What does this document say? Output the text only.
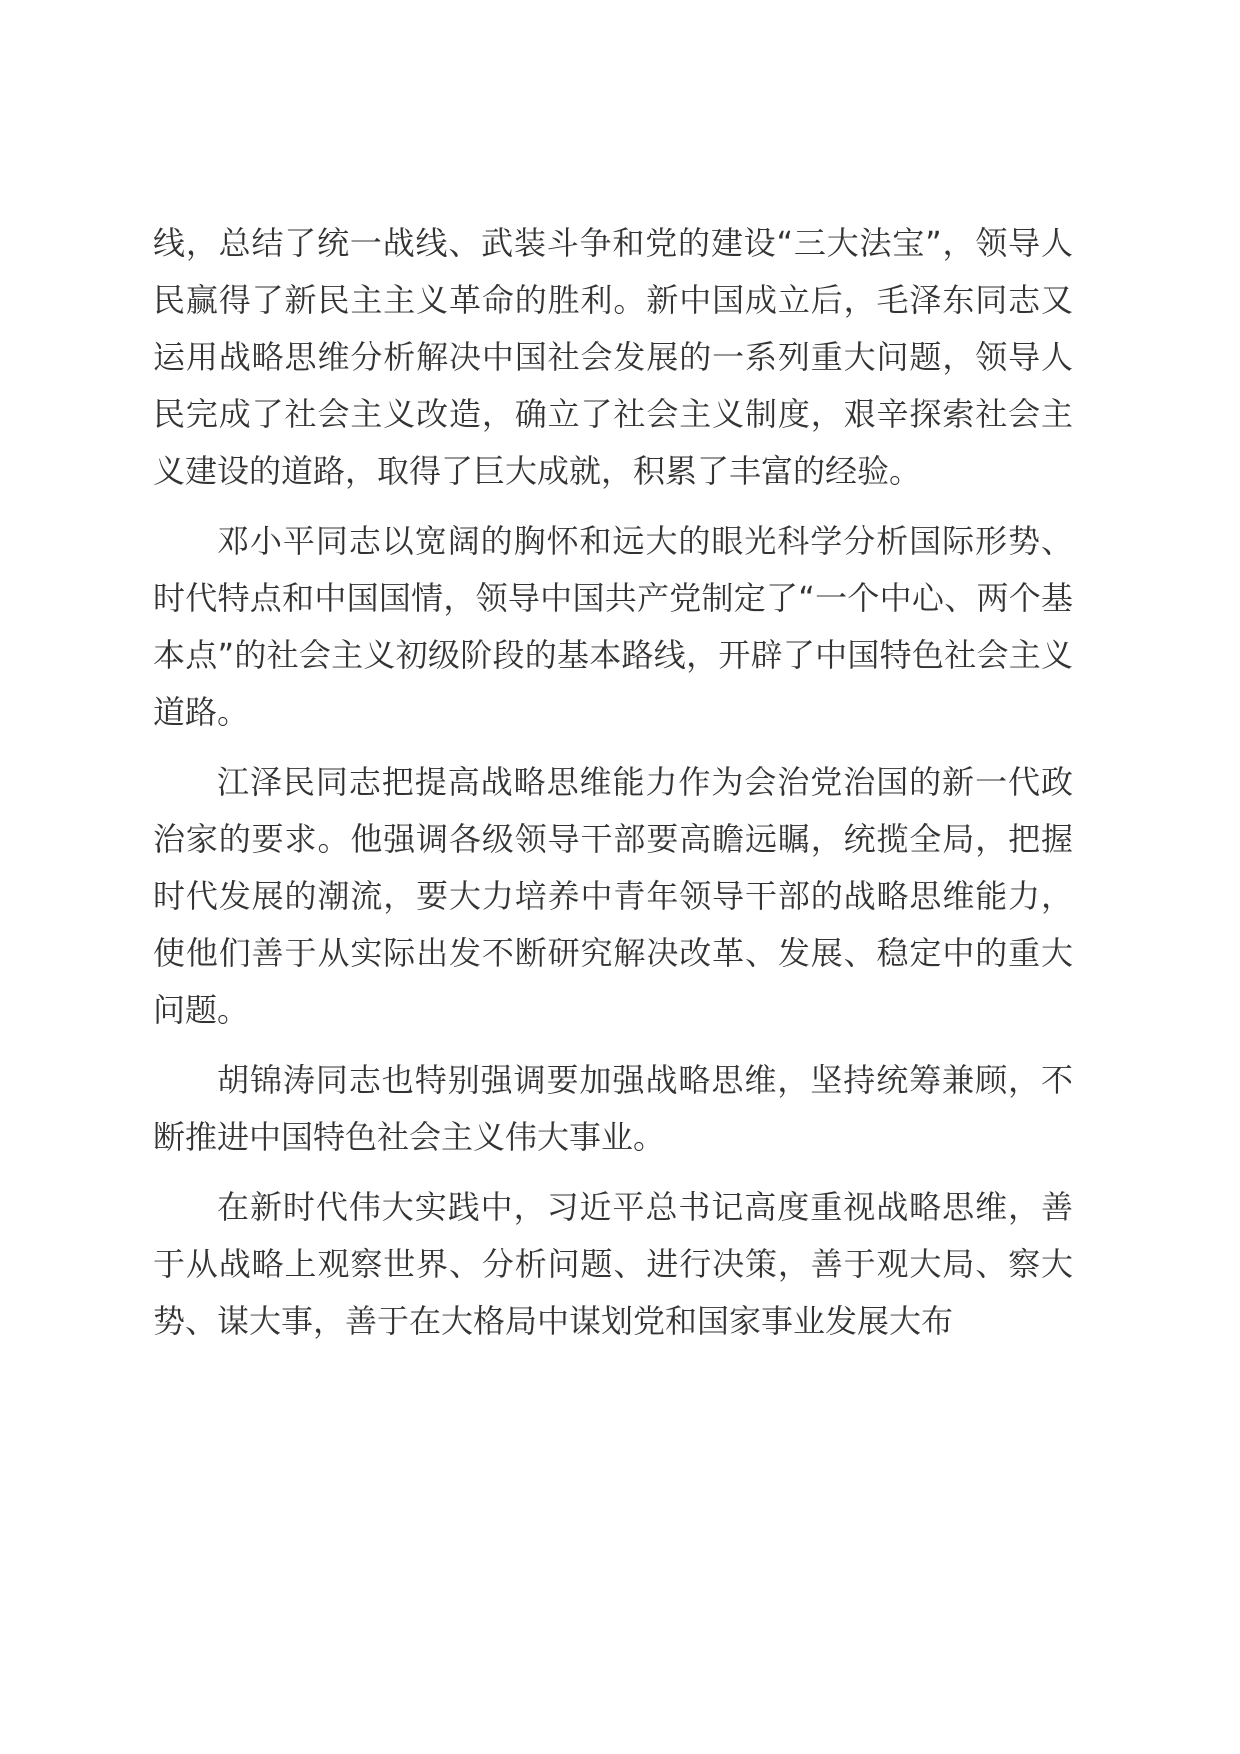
线，总结了统一战线、武装斗争和党的建设“三大法宝”，领导人民赢得了新民主主义革命的胜利。新中国成立后，毛泽东同志又运用战略思维分析解决中国社会发展的一系列重大问题，领导人民完成了社会主义改造，确立了社会主义制度，艰辛探索社会主义建设的道路，取得了巨大成就，积累了丰富的经验。

邓小平同志以宽阔的胸怀和远大的眼光科学分析国际形势、时代特点和中国国情，领导中国共产党制定了“一个中心、两个基本点”的社会主义初级阶段的基本路线，开辟了中国特色社会主义道路。

江泽民同志把提高战略思维能力作为会治党治国的新一代政治家的要求。他强调各级领导干部要高瞻远瞩，统揽全局，把握时代发展的潮流，要大力培养中青年领导干部的战略思维能力，使他们善于从实际出发不断研究解决改革、发展、稳定中的重大问题。

胡锦涛同志也特别强调要加强战略思维，坚持统筹兼顾，不断推进中国特色社会主义伟大事业。

在新时代伟大实践中，习近平总书记高度重视战略思维，善于从战略上观察世界、分析问题、进行决策，善于观大局、察大势、谋大事，善于在大格局中谋划党和国家事业发展大布
